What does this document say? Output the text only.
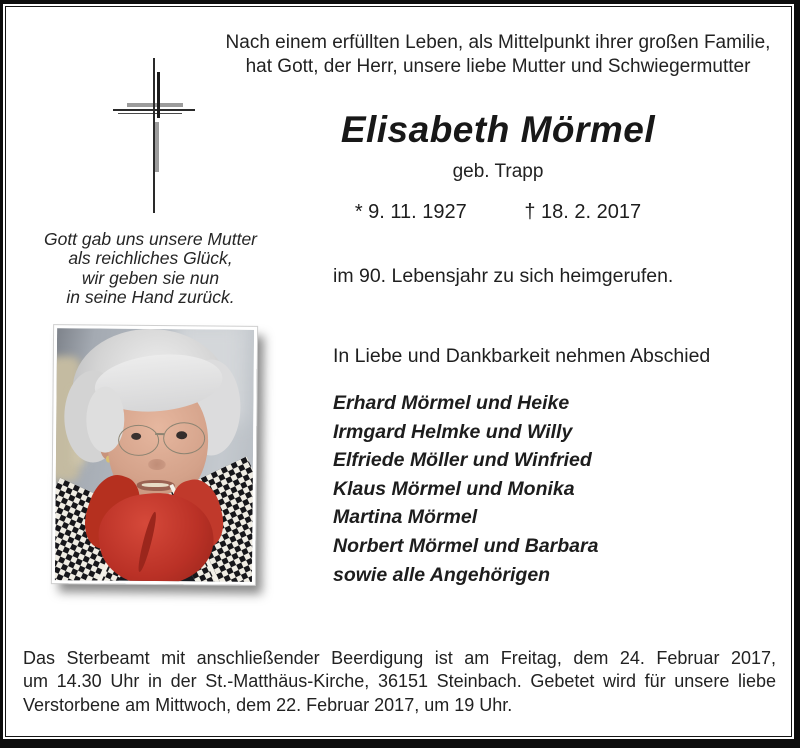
Nach einem erfüllten Leben, als Mittelpunkt ihrer großen Familie,
hat Gott, der Herr, unsere liebe Mutter und Schwiegermutter
Elisabeth Mörmel
geb. Trapp
* 9. 11. 1927	† 18. 2. 2017
Gott gab uns unsere Mutter
als reichliches Glück,
wir geben sie nun
in seine Hand zurück.
im 90. Lebensjahr zu sich heimgerufen.
In Liebe und Dankbarkeit nehmen Abschied
Erhard Mörmel und Heike
Irmgard Helmke und Willy
Elfriede Möller und Winfried
Klaus Mörmel und Monika
Martina Mörmel
Norbert Mörmel und Barbara
sowie alle Angehörigen
Das Sterbeamt mit anschließender Beerdigung ist am Freitag, dem 24. Februar 2017,
um 14.30 Uhr in der St.-Matthäus-Kirche, 36151 Steinbach. Gebetet wird für unsere liebe
Verstorbene am Mittwoch, dem 22. Februar 2017, um 19 Uhr.
